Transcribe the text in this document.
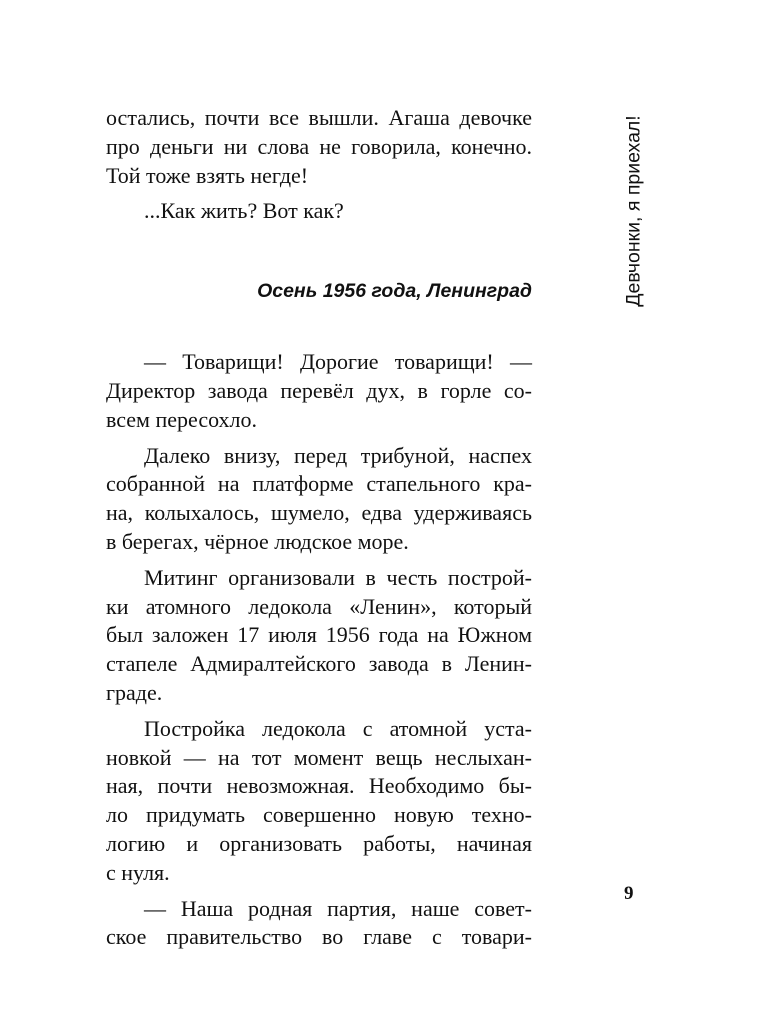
Девчонки, я приехал!
остались, почти все вышли. Агаша девочке
про деньги ни слова не говорила, конечно.
Той тоже взять негде!
...Как жить? Вот как?
Осень 1956 года, Ленинград
— Товарищи! Дорогие товарищи! —
Директор завода перевёл дух, в горле со-
всем пересохло.
Далеко внизу, перед трибуной, наспех
собранной на платформе стапельного кра-
на, колыхалось, шумело, едва удерживаясь
в берегах, чёрное людское море.
Митинг организовали в честь построй-
ки атомного ледокола «Ленин», который
был заложен 17 июля 1956 года на Южном
стапеле Адмиралтейского завода в Ленин-
граде.
Постройка ледокола с атомной уста-
новкой — на тот момент вещь неслыхан-
ная, почти невозможная. Необходимо бы-
ло придумать совершенно новую техно-
логию и организовать работы, начиная
с нуля.
— Наша родная партия, наше совет-
ское правительство во главе с товари-
9
